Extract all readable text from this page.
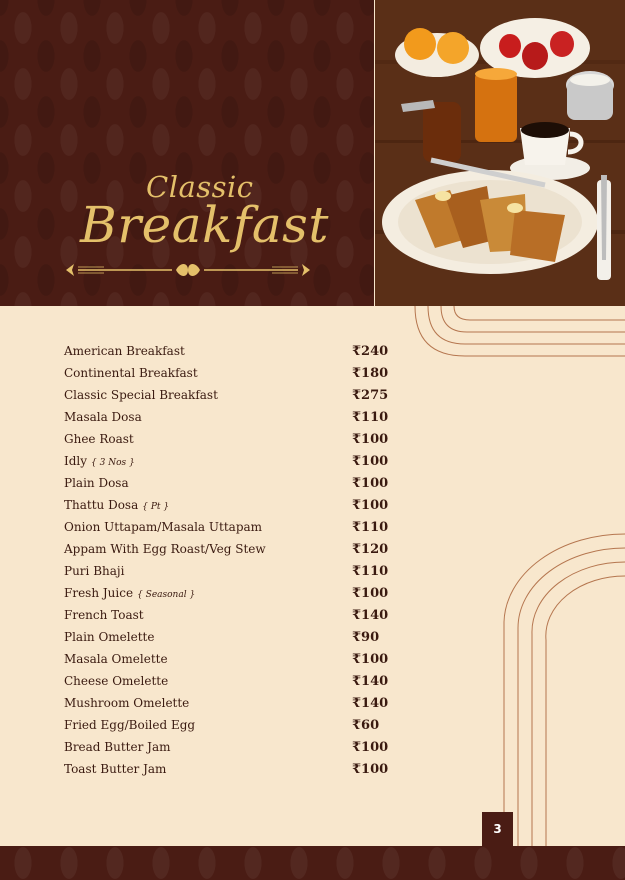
Classic
Breakfast
American Breakfast	₹240
Continental Breakfast	₹180
Classic Special Breakfast	₹275
Masala Dosa	₹110
Ghee Roast	₹100
Idly { 3 Nos }	₹100
Plain Dosa	₹100
Thattu Dosa { Pt }	₹100
Onion Uttapam/Masala Uttapam	₹110
Appam With Egg Roast/Veg Stew	₹120
Puri Bhaji	₹110
Fresh Juice { Seasonal }	₹100
French Toast	₹140
Plain Omelette	₹90
Masala Omelette	₹100
Cheese Omelette	₹140
Mushroom Omelette	₹140
Fried Egg/Boiled Egg	₹60
Bread Butter Jam	₹100
Toast Butter Jam	₹100
3
